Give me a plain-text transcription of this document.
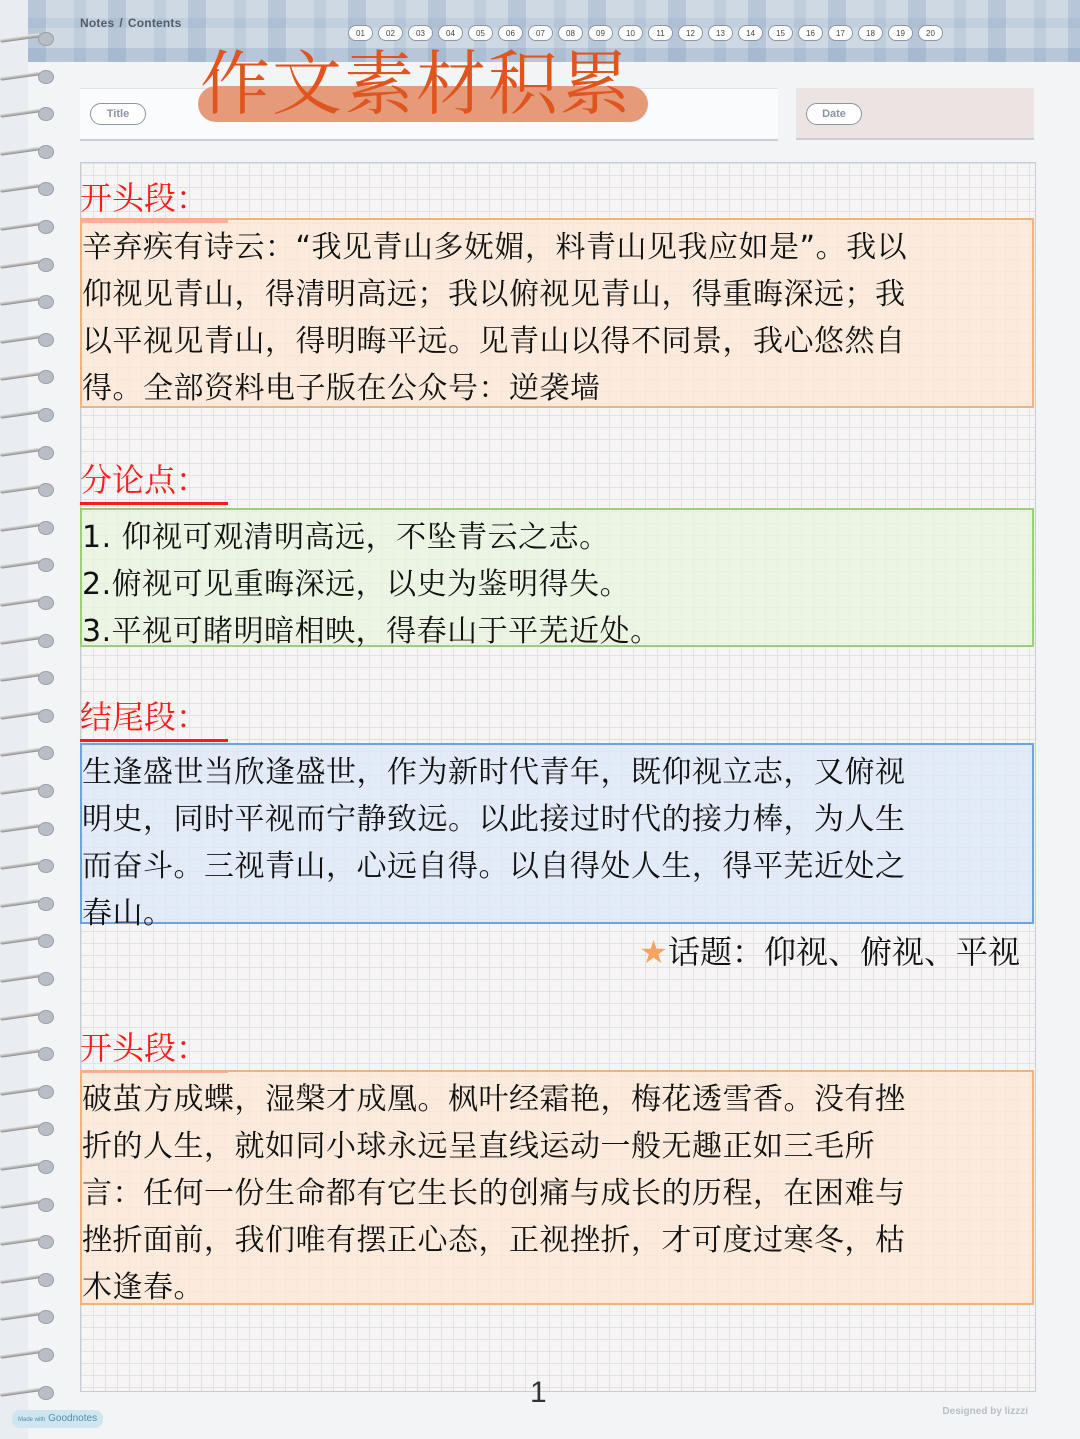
Notes / Contents
01	02	03	04	05	06	07	08	09	10	11	12	13	14	15	16	17	18	19	20
Title	Date
作文素材积累
开头段：

辛弃疾有诗云：“我见青山多妩媚，料青山见我应如是”。我以

仰视见青山，得清明高远；我以俯视见青山，得重晦深远；我

以平视见青山，得明晦平远。见青山以得不同景，我心悠然自

得。全部资料电子版在公众号：逆袭墙

分论点：

1. 仰视可观清明高远，不坠青云之志。

2.俯视可见重晦深远，以史为鉴明得失。

3.平视可睹明暗相映，得春山于平芜近处。

结尾段：

生逢盛世当欣逢盛世，作为新时代青年，既仰视立志，又俯视

明史，同时平视而宁静致远。以此接过时代的接力棒，为人生

而奋斗。三视青山，心远自得。以自得处人生，得平芜近处之

春山。

★话题：仰视、俯视、平视
开头段：

破茧方成蝶，湿槃才成凰。枫叶经霜艳，梅花透雪香。没有挫

折的人生，就如同小球永远呈直线运动一般无趣正如三毛所

言：任何一份生命都有它生长的创痛与成长的历程，在困难与

挫折面前，我们唯有摆正心态，正视挫折，才可度过寒冬，枯

木逢春。

1
Made with Goodnotes
Designed by lizzzi
